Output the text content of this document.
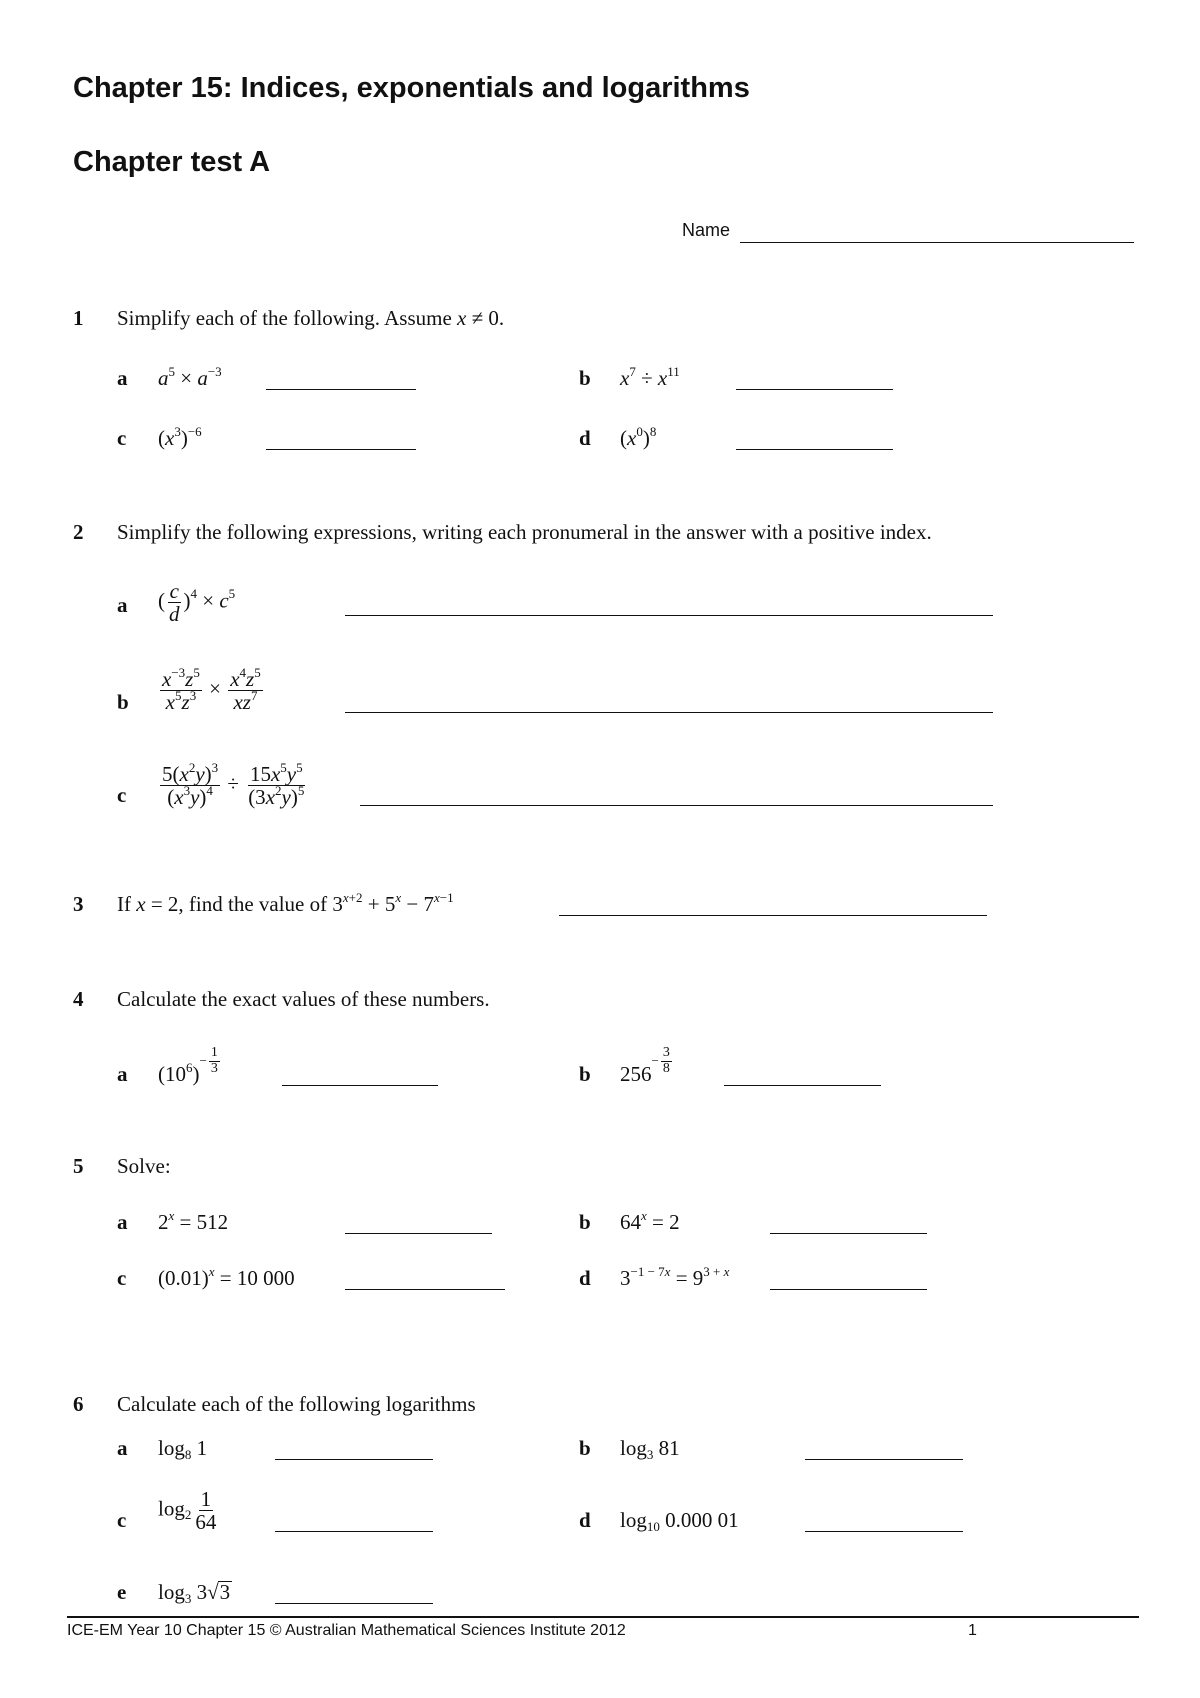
Chapter 15: Indices, exponentials and logarithms
Chapter test A
Name
1 Simplify each of the following. Assume x ≠ 0.
a $a^5 \times a^{-3}$	b $x^7 \div x^{11}$
c $(x^3)^{-6}$	d $(x^0)^8$
2 Simplify the following expressions, writing each pronumeral in the answer with a positive index.
a ( $\frac{c}{d} )^4 \times c^5$
b $\frac{x^{-3}z^5}{x^5z^3} \times \frac{x^4z^5}{xz^7}$
c $\frac{5(x^2y)^3}{(x^3y)^4} \div \frac{15x^5y^5}{(3x^2y)^5}$
3 If x = 2, find the value of $3^{x+2} + 5^x - 7^{x-1}$
4 Calculate the exact values of these numbers.
a $(10^6)- \frac{1}{3}$	b $256- \frac{3}{8}$
5 Solve:
a $2^x = 512$	b $64^x = 2$
c $(0.01)^x = 10$ 000	d $3^{-1 - 7x} = 9^{3 + x}$
6 Calculate each of the following logarithms
a $\log_8 1$	b $\log_3 81$
c $\log_2 \frac{1}{64}$	d $\log_{10} 0.000$ 01
e $\log_3 3√3$
ICE-EM Year 10 Chapter 15 © Australian Mathematical Sciences Institute 2012	1
